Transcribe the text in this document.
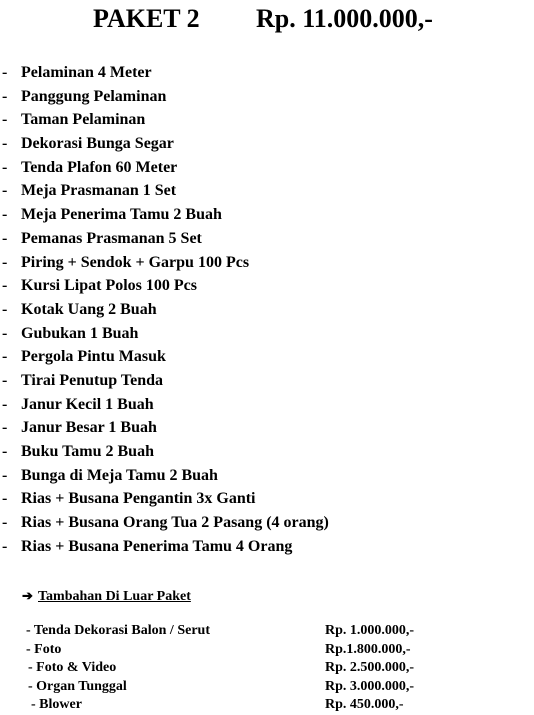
PAKET 2 Rp. 11.000.000,-
- Pelaminan 4 Meter
- Panggung Pelaminan
- Taman Pelaminan
- Dekorasi Bunga Segar
- Tenda Plafon 60 Meter
- Meja Prasmanan 1 Set
- Meja Penerima Tamu 2 Buah
- Pemanas Prasmanan 5 Set
- Piring + Sendok + Garpu 100 Pcs
- Kursi Lipat Polos 100 Pcs
- Kotak Uang 2 Buah
- Gubukan 1 Buah
- Pergola Pintu Masuk
- Tirai Penutup Tenda
- Janur Kecil 1 Buah
- Janur Besar 1 Buah
- Buku Tamu 2 Buah
- Bunga di Meja Tamu 2 Buah
- Rias + Busana Pengantin 3x Ganti
- Rias + Busana Orang Tua 2 Pasang (4 orang)
- Rias + Busana Penerima Tamu 4 Orang
➔ Tambahan Di Luar Paket
- Tenda Dekorasi Balon / Serut	Rp. 1.000.000,-
- Foto	Rp.1.800.000,-
- Foto & Video	Rp. 2.500.000,-
- Organ Tunggal	Rp. 3.000.000,-
- Blower	Rp. 450.000,-
